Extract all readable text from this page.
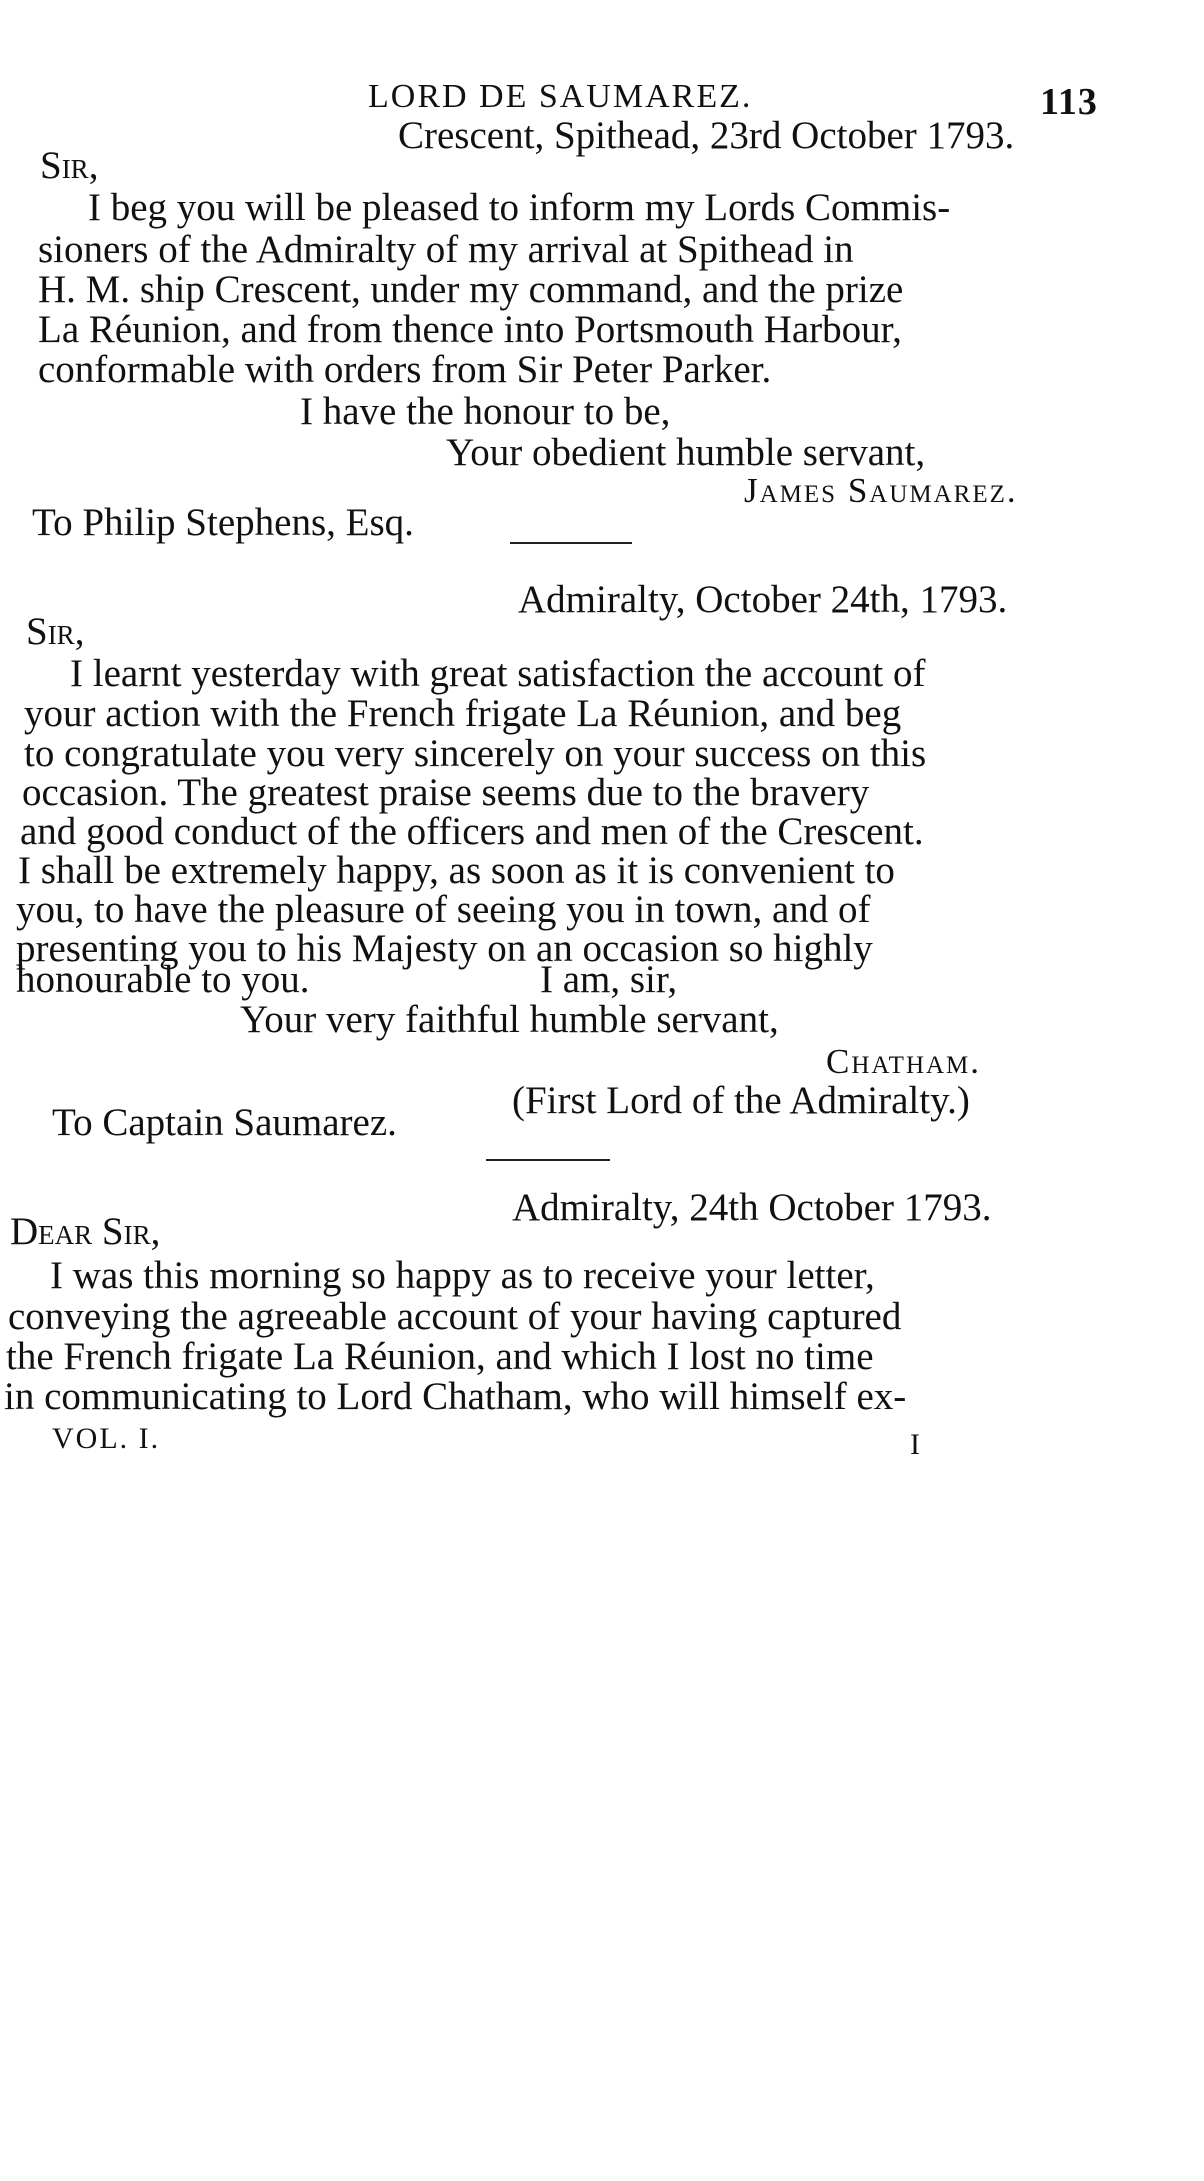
LORD DE SAUMAREZ.	113
Crescent, Spithead, 23rd October 1793.
Sir,
I beg you will be pleased to inform my Lords Commis-
sioners of the Admiralty of my arrival at Spithead in
H. M. ship Crescent, under my command, and the prize
La Réunion, and from thence into Portsmouth Harbour,
conformable with orders from Sir Peter Parker.
I have the honour to be,
Your obedient humble servant,
James Saumarez.
To Philip Stephens, Esq.
Admiralty, October 24th, 1793.
Sir,
I learnt yesterday with great satisfaction the account of
your action with the French frigate La Réunion, and beg
to congratulate you very sincerely on your success on this
occasion. The greatest praise seems due to the bravery
and good conduct of the officers and men of the Crescent.
I shall be extremely happy, as soon as it is convenient to
you, to have the pleasure of seeing you in town, and of
presenting you to his Majesty on an occasion so highly
honourable to you.	I am, sir,
Your very faithful humble servant,
Chatham.
(First Lord of the Admiralty.)
To Captain Saumarez.
Admiralty, 24th October 1793.
Dear Sir,
I was this morning so happy as to receive your letter,
conveying the agreeable account of your having captured
the French frigate La Réunion, and which I lost no time
in communicating to Lord Chatham, who will himself ex-
VOL. I.	I
